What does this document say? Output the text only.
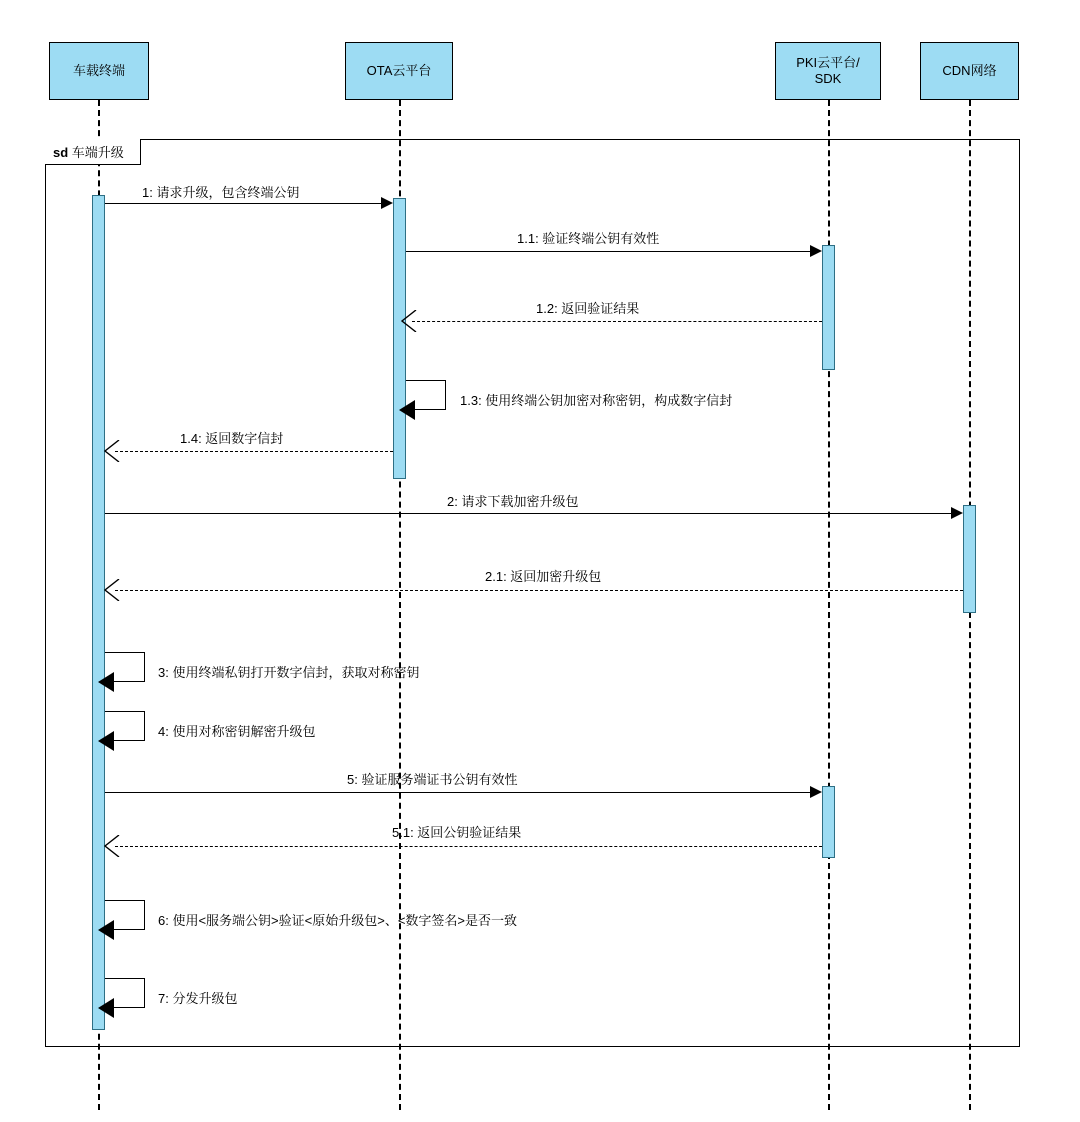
车载终端	OTA云平台
PKI云平台/
SDK
CDN网络
sd 车端升级
1: 请求升级，包含终端公钥
1.1: 验证终端公钥有效性
1.2: 返回验证结果
1.3: 使用终端公钥加密对称密钥，构成数字信封
1.4: 返回数字信封
2: 请求下载加密升级包
2.1: 返回加密升级包
3: 使用终端私钥打开数字信封，获取对称密钥
4: 使用对称密钥解密升级包
5: 验证服务端证书公钥有效性
5.1: 返回公钥验证结果
6: 使用<服务端公钥>验证<原始升级包>、<数字签名>是否一致
7: 分发升级包
